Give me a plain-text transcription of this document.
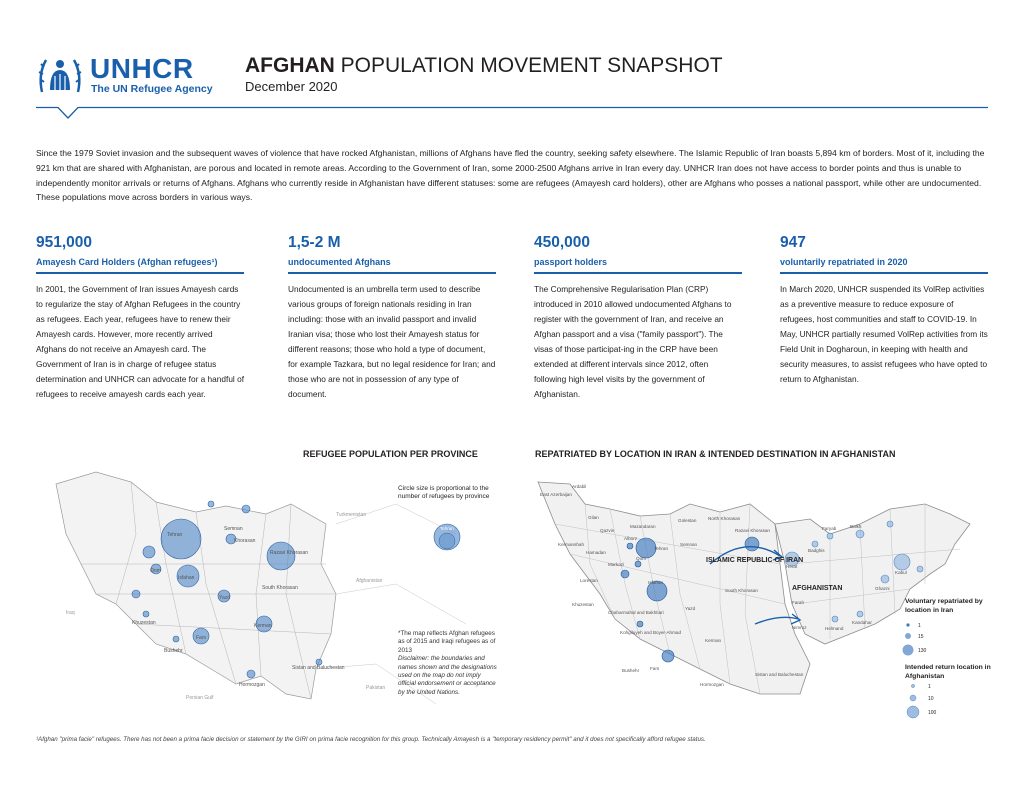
UNHCR
The UN Refugee Agency
AFGHAN POPULATION MOVEMENT SNAPSHOT
December 2020
Since the 1979 Soviet invasion and the subsequent waves of violence that have rocked Afghanistan, millions of Afghans have fled the country, seeking safety elsewhere. The Islamic Republic of Iran boasts 5,894 km of borders. Most of it, including the 921 km that are shared with Afghanistan, are porous and located in remote areas. According to the Government of Iran, some 2000-2500 Afghans arrive in Iran every day. UNHCR Iran does not have access to border points and thus is unable to independently monitor arrivals or returns of Afghans. Afghans who currently reside in Afghanistan have different statuses: some are refugees (Amayesh card holders), other are Afghans who posses a national passport, while other are undocumented. These populations move across borders in various ways.
951,000
Amayesh Card Holders (Afghan refugees¹)
In 2001, the Government of Iran issues Amayesh cards to regularize the stay of Afghan Refugees in the country as refugees. Each year, refugees have to renew their Amayesh cards. However, more recently arrived Afghans do not receive an Amayesh card. The Government of Iran is in charge of refugee status determination and UNHCR can advocate for a handful of refugees to receive amayesh cards each year.
1,5-2 M
undocumented Afghans
Undocumented is an umbrella term used to describe various groups of foreign nationals residing in Iran including: those with an invalid passport and invalid Iranian visa; those who lost their Amayesh status for different reasons; those who hold a type of document, for example Tazkara, but no legal residence for Iran; and those who are not in possession of any type of document.
450,000
passport holders
The Comprehensive Regularisation Plan (CRP) introduced in 2010 allowed undocumented Afghans to register with the government of Iran, and receive an Afghan passport and a visa ("family passport"). The visas of those participat-ing in the CRP have been extended at different intervals since 2012, often following high level visits by the government of Afghanistan.
947
voluntarily repatriated in 2020
In March 2020, UNHCR suspended its VolRep activities as a preventive measure to reduce exposure of refugees, host communities and staff to COVID-19. In May, UNHCR partially resumed VolRep activities from its Field Unit in Dogharoun, in keeping with health and security measures, to assist refugees who have opted to return to Afghanistan.
REFUGEE POPULATION PER PROVINCE
Tehran
Isfahan
Razavi Khorasan
Khorasan
Kerman
Fars
Yazd
Qom
Semnan
South Khorasan
Sistan and Baluchestan
Hormozgan
Bushehr
Khuzestan
Turkmenistan
Afghanistan
Pakistan
Iraq
Persian Gulf
Tehran
Circle size is proportional to the number of refugees by province
*The map reflects Afghan refugees as of 2015 and Iraqi refugees as of 2013
Disclaimer: the boundaries and names shown and the designations used on the map do not imply official endorsement or acceptance by the United Nations.
REPATRIATED BY LOCATION IN IRAN & INTENDED DESTINATION IN AFGHANISTAN
East Azerbaijan
Ardabil
Gilan
Qazvin
Mazandaran
Golestan	North Khorasan
Razavi Khorasan
Semnan
Tehran
Alborz
Markazi
Qom
Hamadan
Kermanshah
Lorestan
Khuzestan
Isfahan
Chaharmahal and Bakhtiari
Kohgiluyeh and Boyer-Ahmad
Fars
Bushehr
Yazd
South Khorasan
Kerman
Hormozgan
Sistan and Baluchestan
Herat
Farah
Nimroz	Helmand
Kandahar
Kabul
Balkh
Ghazni
Badghis
Faryab
ISLAMIC REPUBLIC OF IRAN
AFGHANISTAN
1
15
130
1
10
100
Voluntary repatriated by location in Iran
Intended return location in Afghanistan
¹Afghan "prima facie" refugees. There has not been a prima facie decision or statement by the GIRI on prima facie recognition for this group. Technically Amayesh is a "temporary residency permit" and it does not specifically afford refugee status.
